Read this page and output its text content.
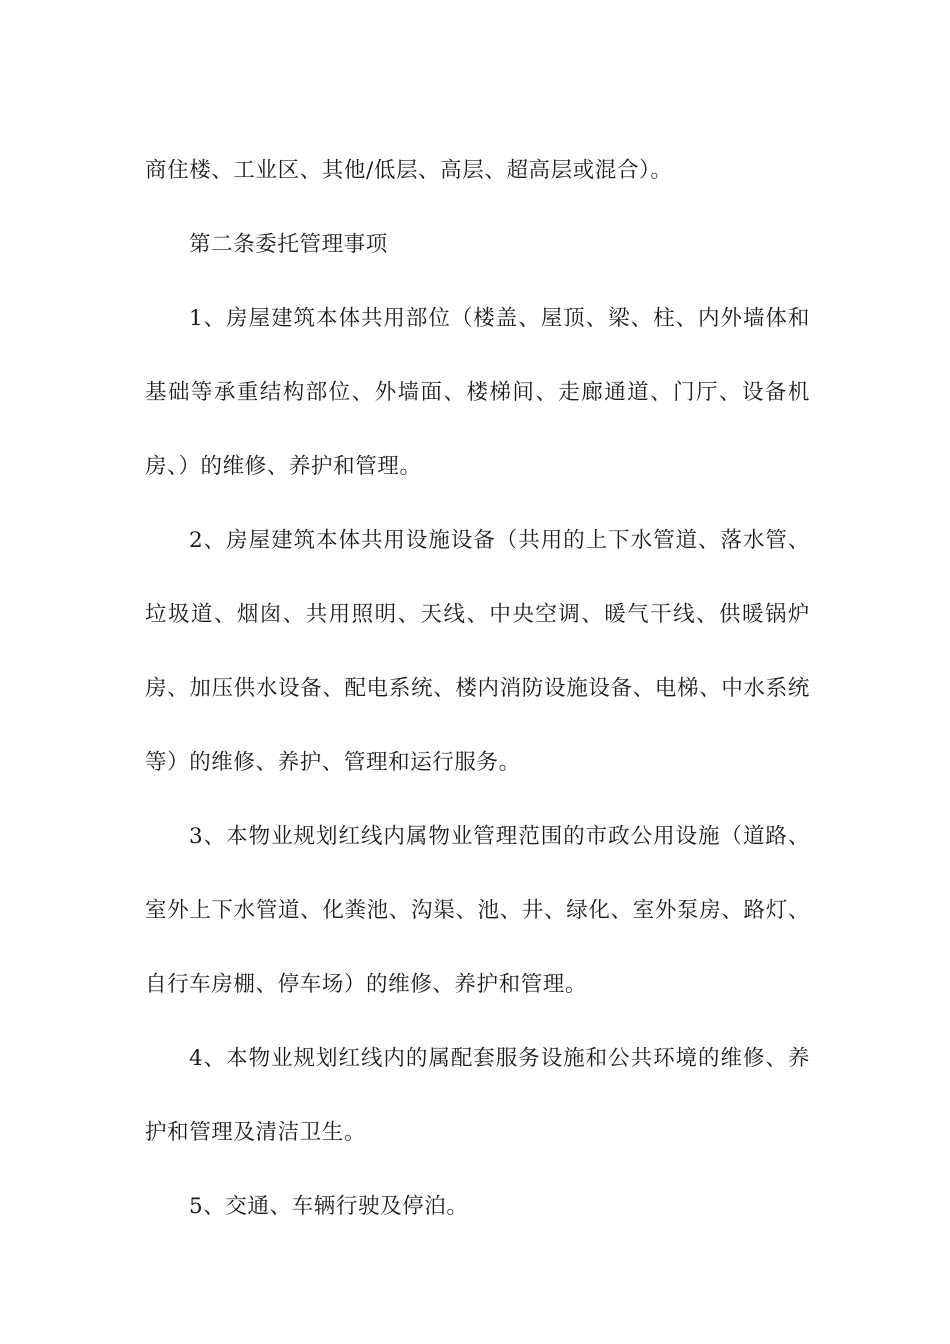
商住楼、工业区、其他/低层、高层、超高层或混合）。

第二条委托管理事项

1、房屋建筑本体共用部位（楼盖、屋顶、梁、柱、内外墙体和基础等承重结构部位、外墙面、楼梯间、走廊通道、门厅、设备机房、）的维修、养护和管理。

2、房屋建筑本体共用设施设备（共用的上下水管道、落水管、垃圾道、烟囱、共用照明、天线、中央空调、暖气干线、供暖锅炉房、加压供水设备、配电系统、楼内消防设施设备、电梯、中水系统等）的维修、养护、管理和运行服务。

3、本物业规划红线内属物业管理范围的市政公用设施（道路、室外上下水管道、化粪池、沟渠、池、井、绿化、室外泵房、路灯、自行车房棚、停车场）的维修、养护和管理。

4、本物业规划红线内的属配套服务设施和公共环境的维修、养护和管理及清洁卫生。

5、交通、车辆行驶及停泊。
